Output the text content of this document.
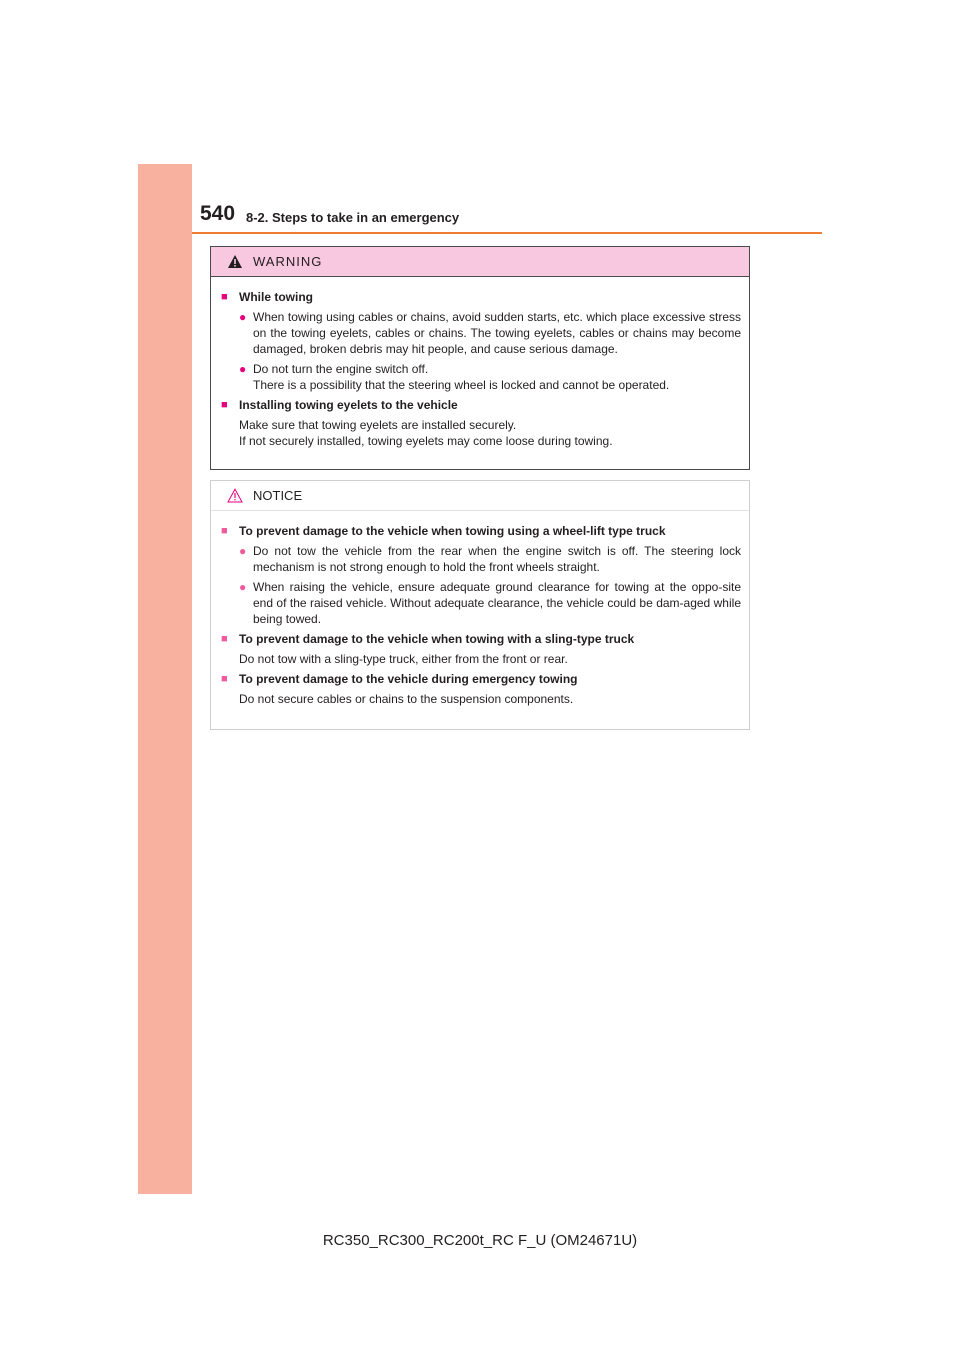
540 8-2. Steps to take in an emergency
WARNING
■ While towing
● When towing using cables or chains, avoid sudden starts, etc. which place excessive stress on the towing eyelets, cables or chains. The towing eyelets, cables or chains may become damaged, broken debris may hit people, and cause serious damage.
● Do not turn the engine switch off.
There is a possibility that the steering wheel is locked and cannot be operated.
■ Installing towing eyelets to the vehicle
Make sure that towing eyelets are installed securely.
If not securely installed, towing eyelets may come loose during towing.
NOTICE
■ To prevent damage to the vehicle when towing using a wheel-lift type truck
● Do not tow the vehicle from the rear when the engine switch is off. The steering lock mechanism is not strong enough to hold the front wheels straight.
● When raising the vehicle, ensure adequate ground clearance for towing at the oppo-site end of the raised vehicle. Without adequate clearance, the vehicle could be dam-aged while being towed.
■ To prevent damage to the vehicle when towing with a sling-type truck
Do not tow with a sling-type truck, either from the front or rear.
■ To prevent damage to the vehicle during emergency towing
Do not secure cables or chains to the suspension components.
RC350_RC300_RC200t_RC F_U (OM24671U)
